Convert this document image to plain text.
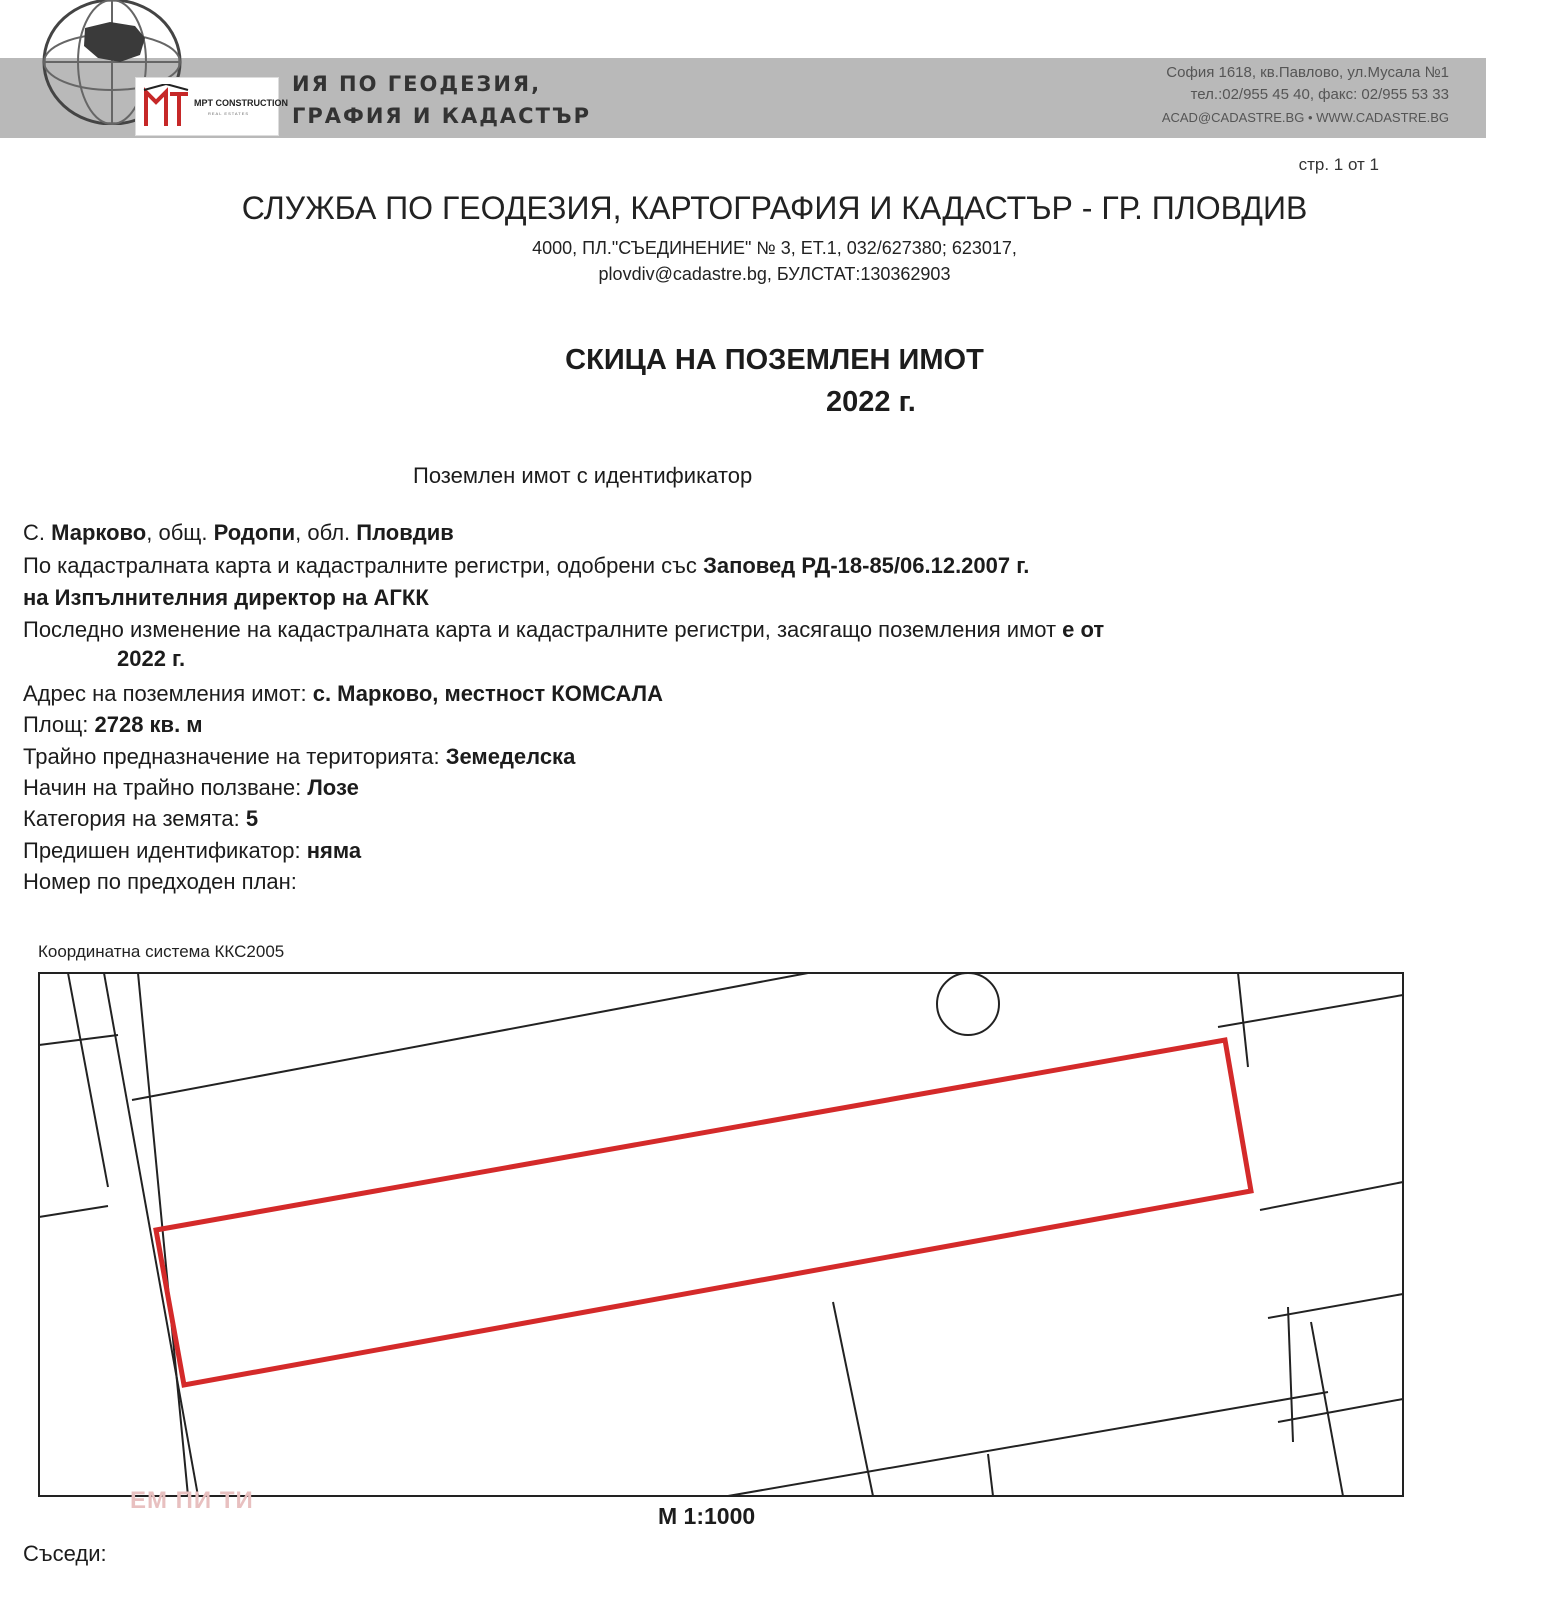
ИЯ ПО ГЕОДЕЗИЯ,
ГРАФИЯ И КАДАСТЪР
MPT CONSTRUCTION
REAL ESTATES
София 1618, кв.Павлово, ул.Мусала №1
тел.:02/955 45 40, факс: 02/955 53 33
ACAD@CADASTRE.BG • WWW.CADASTRE.BG
стр. 1 от 1
СЛУЖБА ПО ГЕОДЕЗИЯ, КАРТОГРАФИЯ И КАДАСТЪР - ГР. ПЛОВДИВ
4000, ПЛ."СЪЕДИНЕНИЕ" № 3, ЕТ.1, 032/627380; 623017,
plovdiv@cadastre.bg, БУЛСТАТ:130362903
СКИЦА НА ПОЗЕМЛЕН ИМОТ
2022 г.
Поземлен имот с идентификатор
С. Марково, общ. Родопи, обл. Пловдив
По кадастралната карта и кадастралните регистри, одобрени със Заповед РД-18-85/06.12.2007 г.
на Изпълнителния директор на АГКК
Последно изменение на кадастралната карта и кадастралните регистри, засягащо поземления имот е от
2022 г.
Адрес на поземления имот: с. Марково, местност КОМСАЛА
Площ: 2728 кв. м
Трайно предназначение на територията: Земеделска
Начин на трайно ползване: Лозе
Категория на земята: 5
Предишен идентификатор: няма
Номер по предходен план:
Координатна система ККС2005
ЕМ ПИ ТИ
М 1:1000
Съседи:
